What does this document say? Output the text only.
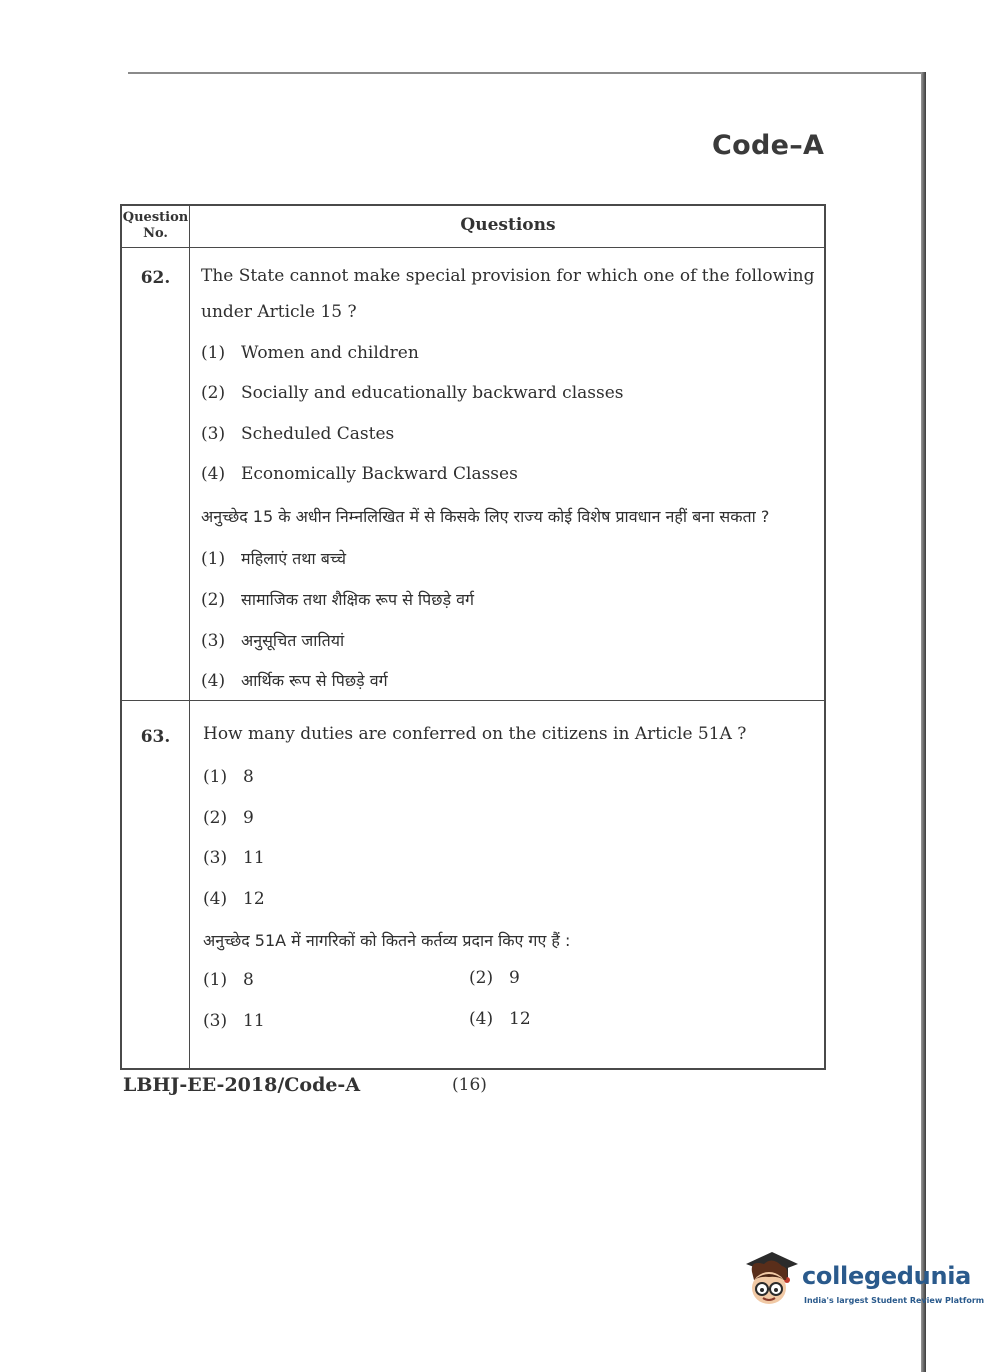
Code–A
Question
No.	Questions
62.	The State cannot make special provision for which one of the following
under Article 15 ?
(1) Women and children
(2) Socially and educationally backward classes
(3) Scheduled Castes
(4) Economically Backward Classes
अनुच्छेद 15 के अधीन निम्नलिखित में से किसके लिए राज्य कोई विशेष प्रावधान नहीं बना सकता ?
(1) महिलाएं तथा बच्चे
(2) सामाजिक तथा शैक्षिक रूप से पिछड़े वर्ग
(3) अनुसूचित जातियां
(4) आर्थिक रूप से पिछड़े वर्ग
63.	How many duties are conferred on the citizens in Article 51A ?
(1) 8
(2) 9
(3) 11
(4) 12
अनुच्छेद 51A में नागरिकों को कितने कर्तव्य प्रदान किए गए हैं :
(1) 8	(2) 9
(3) 11	(4) 12
LBHJ-EE-2018/Code-A	(16)
collegedunia
India's largest Student Review Platform
